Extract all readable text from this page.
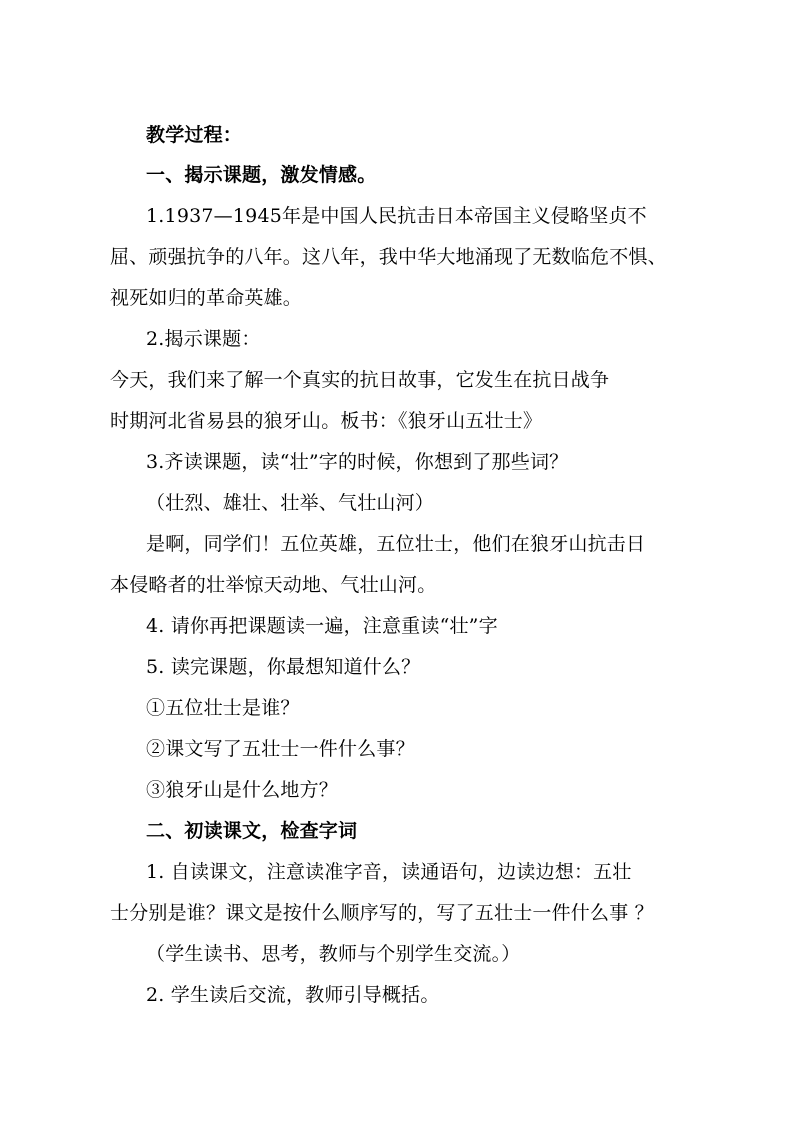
教学过程：
一、揭示课题，激发情感。
1.1937—1945年是中国人民抗击日本帝国主义侵略坚贞不
屈、顽强抗争的八年。这八年，我中华大地涌现了无数临危不惧、
视死如归的革命英雄。
2.揭示课题：
今天，我们来了解一个真实的抗日故事，它发生在抗日战争
时期河北省易县的狼牙山。板书：《狼牙山五壮士》
3.齐读课题，读“壮”字的时候，你想到了那些词？
（壮烈、雄壮、壮举、气壮山河）
是啊，同学们！五位英雄，五位壮士，他们在狼牙山抗击日
本侵略者的壮举惊天动地、气壮山河。
4. 请你再把课题读一遍，注意重读“壮”字
5. 读完课题，你最想知道什么？
①五位壮士是谁？
②课文写了五壮士一件什么事？
③狼牙山是什么地方？
二、初读课文，检查字词
1. 自读课文，注意读准字音，读通语句，边读边想：五壮
士分别是谁？课文是按什么顺序写的，写了五壮士一件什么事 ？
（学生读书、思考，教师与个别学生交流。）
2. 学生读后交流，教师引导概括。
